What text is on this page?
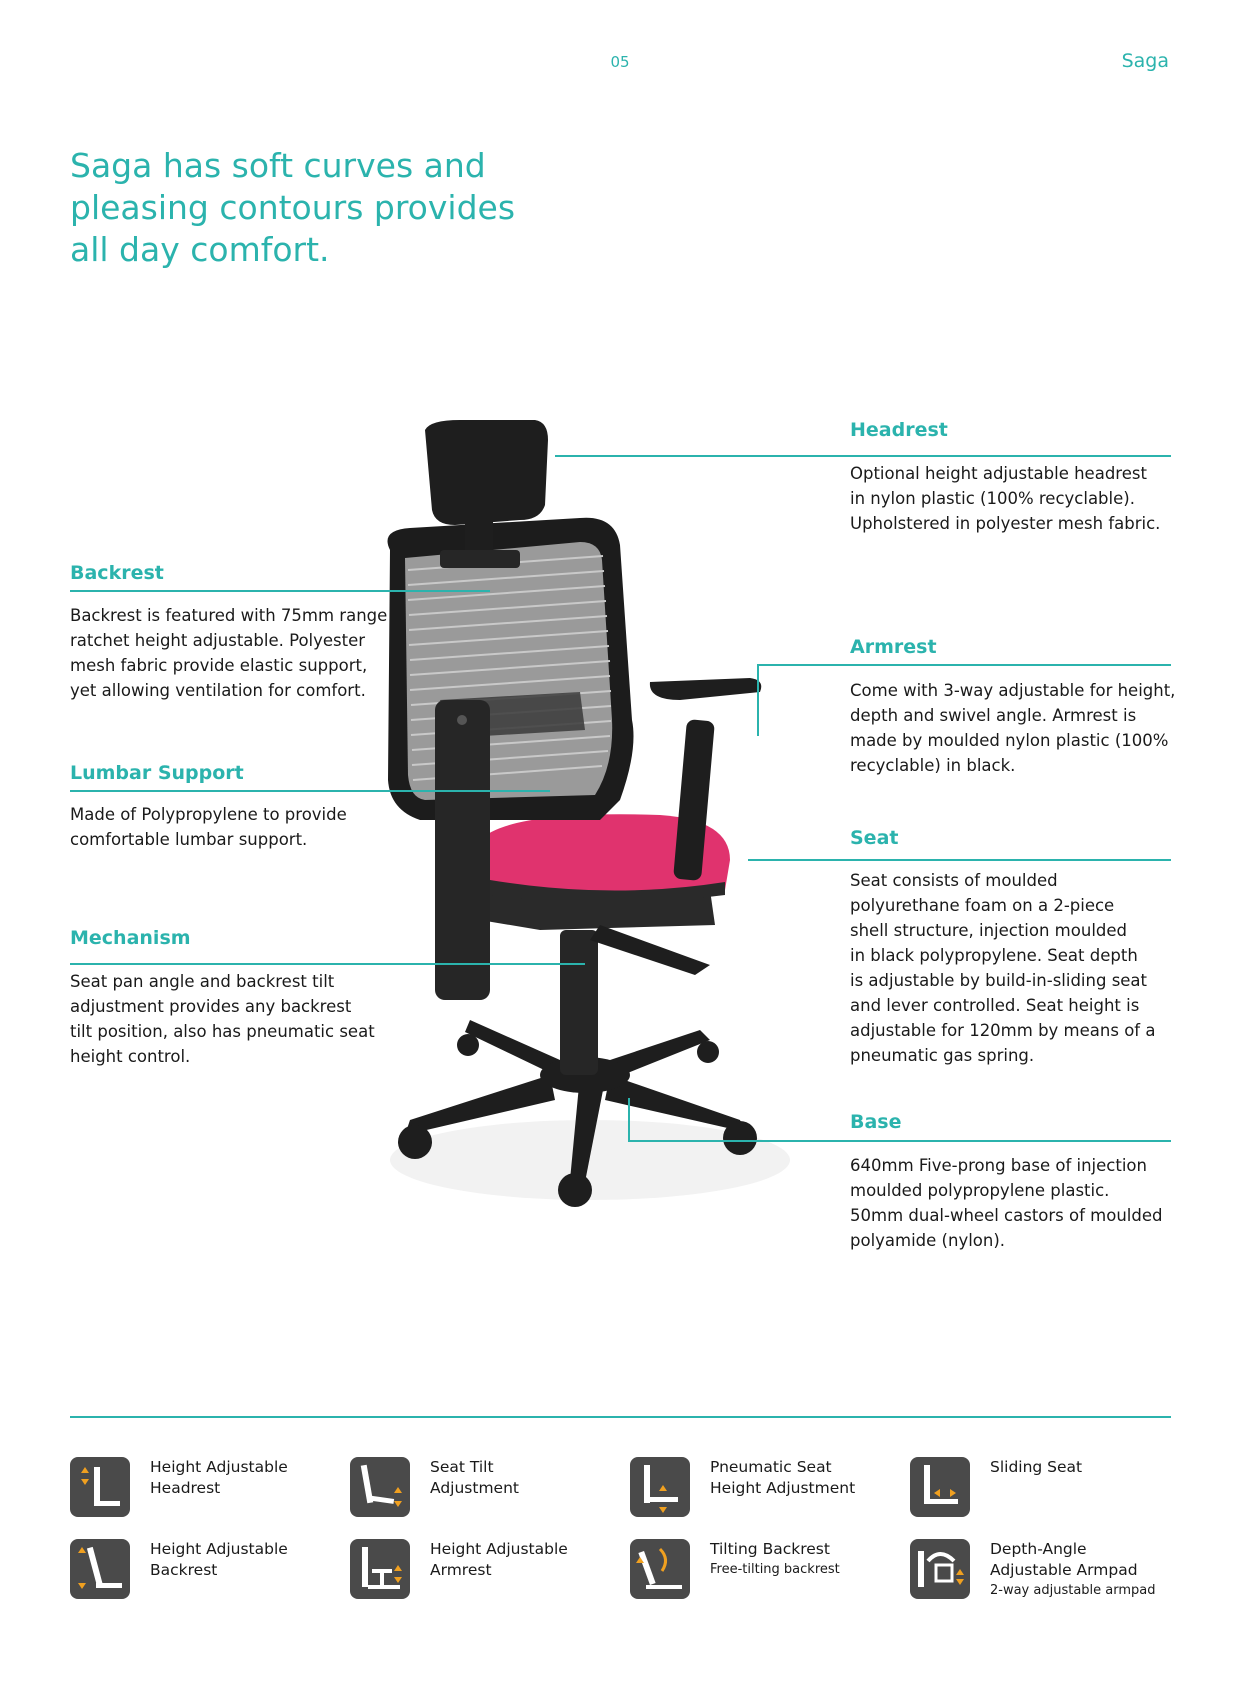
05	Saga
Saga has soft curves and
pleasing contours provides
all day comfort.
Headrest
Optional height adjustable headrest
in nylon plastic (100% recyclable).
Upholstered in polyester mesh fabric.
Backrest
Backrest is featured with 75mm range
ratchet height adjustable. Polyester
mesh fabric provide elastic support,
yet allowing ventilation for comfort.
Armrest
Come with 3-way adjustable for height,
depth and swivel angle. Armrest is
made by moulded nylon plastic (100%
recyclable) in black.
Lumbar Support
Made of Polypropylene to provide
comfortable lumbar support.	Seat
Seat consists of moulded
polyurethane foam on a 2-piece
shell structure, injection moulded
in black polypropylene. Seat depth
is adjustable by build-in-sliding seat
and lever controlled. Seat height is
adjustable for 120mm by means of a
pneumatic gas spring.
Mechanism
Seat pan angle and backrest tilt
adjustment provides any backrest
tilt position, also has pneumatic seat
height control.
Base
640mm Five-prong base of injection
moulded polypropylene plastic.
50mm dual-wheel castors of moulded
polyamide (nylon).
Height Adjustable
Headrest
Seat Tilt
Adjustment
Pneumatic Seat
Height Adjustment
Sliding Seat
Height Adjustable
Backrest
Height Adjustable
Armrest
Tilting Backrest
Free-tilting backrest
Depth-Angle
Adjustable Armpad
2-way adjustable armpad
